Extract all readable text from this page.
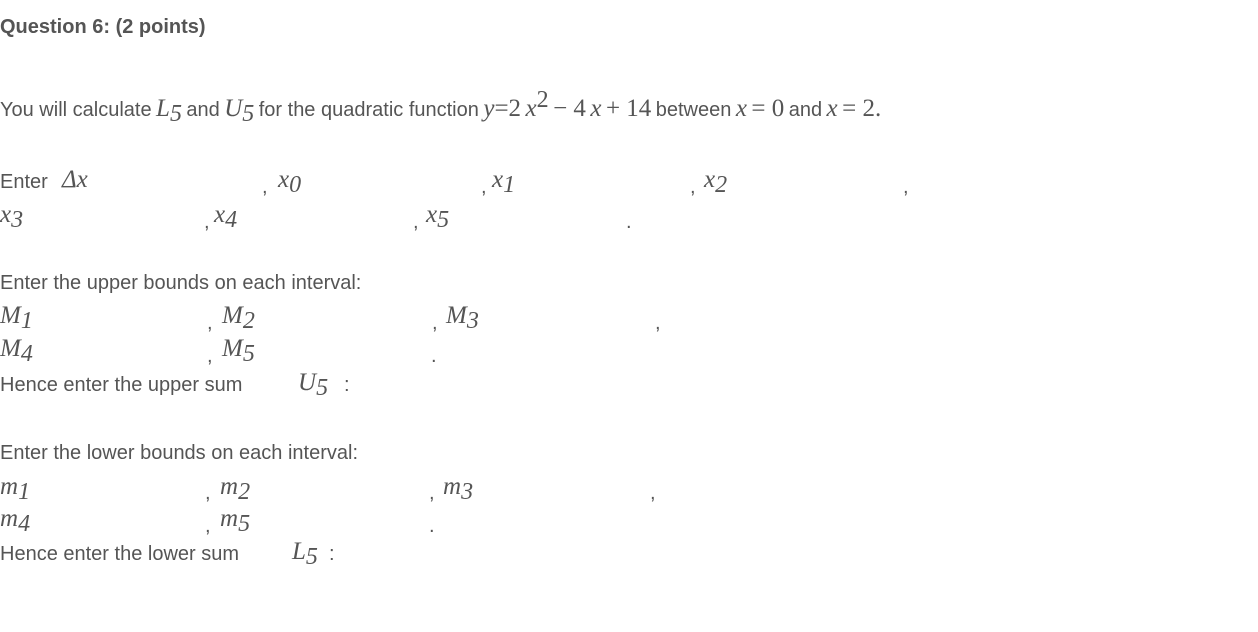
Question 6: (2 points)
You will calculate L5 and U5 for the quadratic function y=2 x2 − 4 x + 14 between x = 0 and x = 2.
Enter Δx	, x0	, x1	, x2	,
x3	, x4	, x5	.
Enter the upper bounds on each interval:
M1	, M2	, M3	,
M4	, M5	.
Hence enter the upper sum U5 :
Enter the lower bounds on each interval:
m1	, m2	, m3	,
m4	, m5	.
Hence enter the lower sum L5 :
